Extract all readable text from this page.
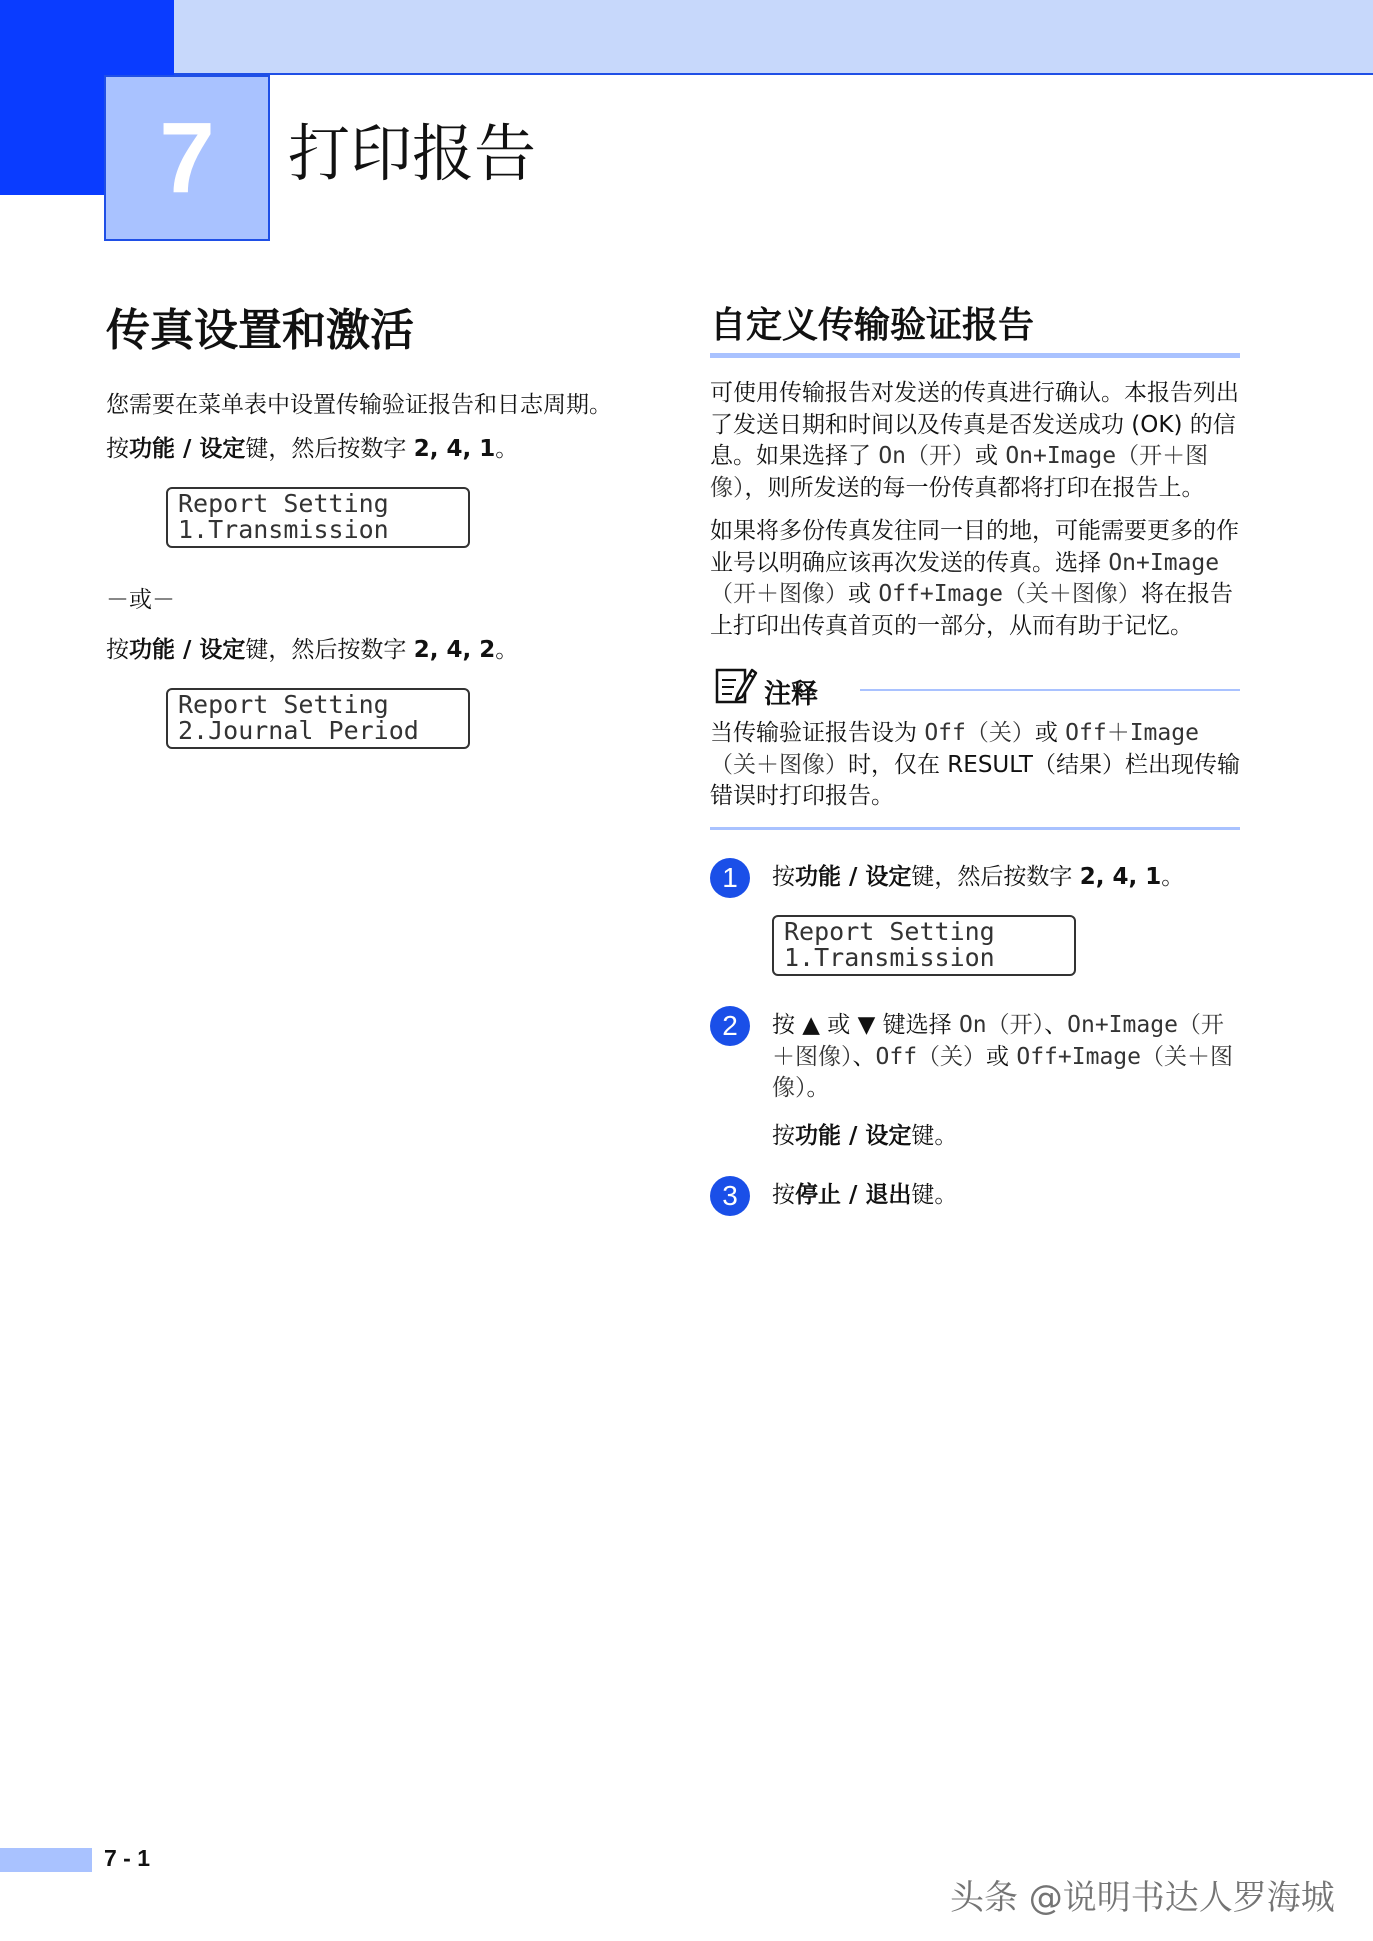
7 打印报告
传真设置和激活

您需要在菜单表中设置传输验证报告和日志周期。

按功能 / 设定键，然后按数字 2, 4, 1。

Report Setting
1.Transmission
－或－

按功能 / 设定键，然后按数字 2, 4, 2。

Report Setting
2.Journal Period
自定义传输验证报告

可使用传输报告对发送的传真进行确认。本报告列出了发送日期和时间以及传真是否发送成功 (OK) 的信息。如果选择了 On（开）或 On+Image（开＋图像），则所发送的每一份传真都将打印在报告上。

如果将多份传真发往同一目的地，可能需要更多的作业号以明确应该再次发送的传真。选择 On+Image（开＋图像）或 Off+Image（关＋图像）将在报告上打印出传真首页的一部分，从而有助于记忆。

注释

当传输验证报告设为 Off（关）或 Off＋Image（关＋图像）时，仅在 RESULT（结果）栏出现传输错误时打印报告。

1	按功能 / 设定键，然后按数字 2, 4, 1。

Report Setting
1.Transmission
2	按 ▲ 或 ▼ 键选择 On（开）、On+Image（开＋图像）、Off（关）或 Off+Image（关＋图像）。

按功能 / 设定键。

3	按停止 / 退出键。

7 - 1
头条 @说明书达人罗海城
